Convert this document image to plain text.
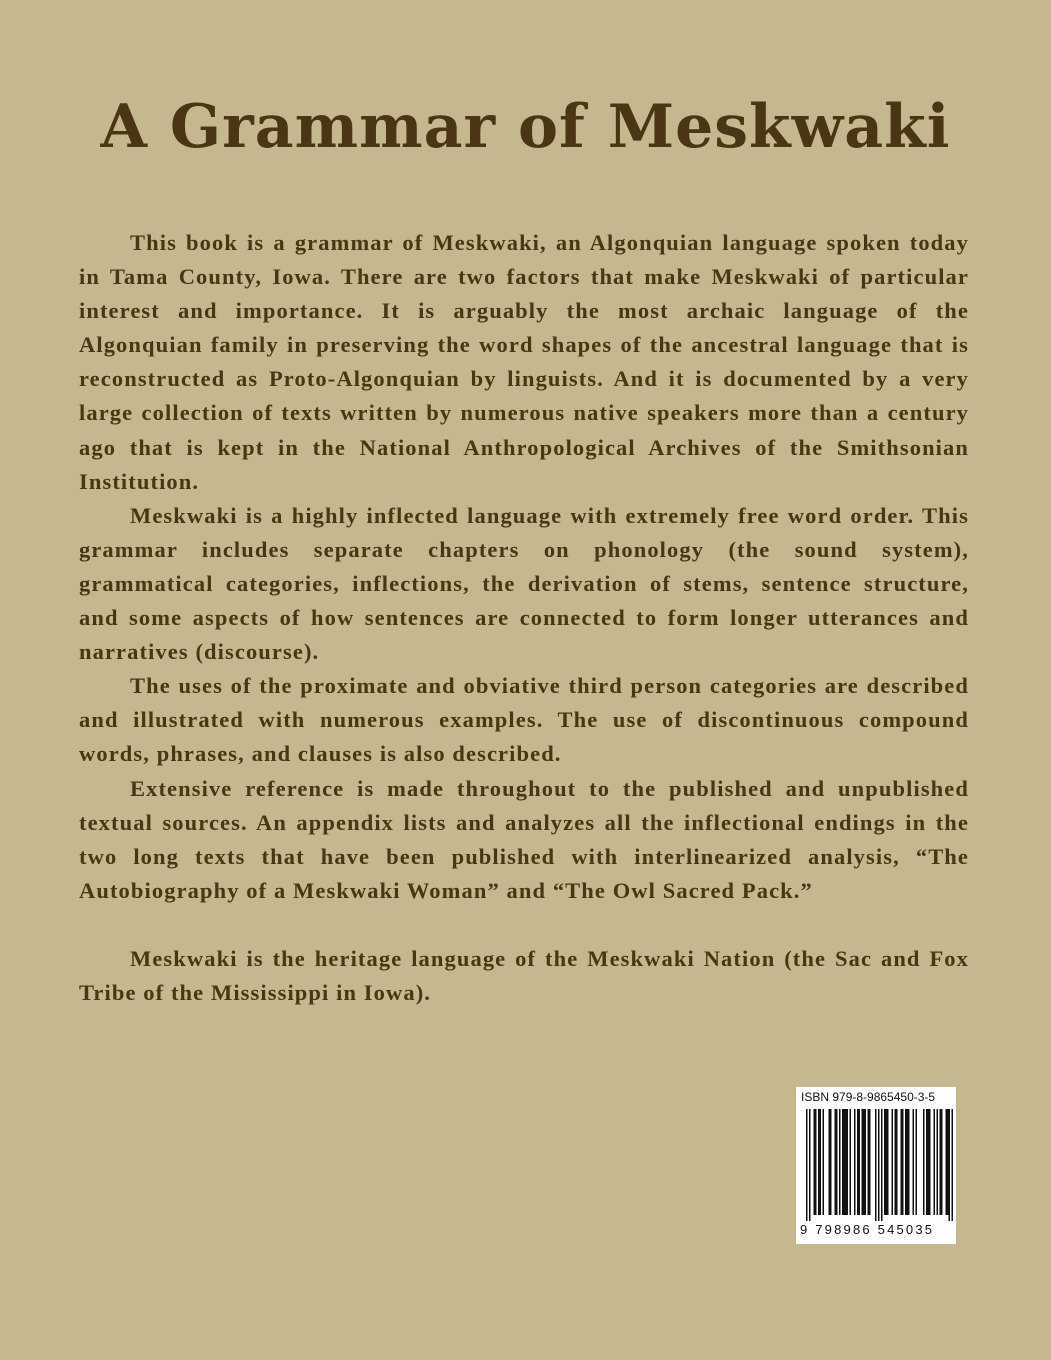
A Grammar of Meskwaki

This book is a grammar of Meskwaki, an Algonquian language spoken today in Tama County, Iowa. There are two factors that make Meskwaki of particular interest and importance. It is arguably the most archaic language of the Algonquian family in preserving the word shapes of the ancestral language that is reconstructed as Proto-Algonquian by linguists. And it is documented by a very large collection of texts written by numerous native speakers more than a century ago that is kept in the National Anthropological Archives of the Smithsonian Institution.

Meskwaki is a highly inflected language with extremely free word order. This grammar includes separate chapters on phonology (the sound system), grammatical categories, inflections, the derivation of stems, sentence structure, and some aspects of how sentences are connected to form longer utterances and narratives (discourse).

The uses of the proximate and obviative third person categories are described and illustrated with numerous examples. The use of discontinuous compound words, phrases, and clauses is also described.

Extensive reference is made throughout to the published and unpublished textual sources. An appendix lists and analyzes all the inflectional endings in the two long texts that have been published with interlinearized analysis, “The Autobiography of a Meskwaki Woman” and “The Owl Sacred Pack.”

Meskwaki is the heritage language of the Meskwaki Nation (the Sac and Fox Tribe of the Mississippi in Iowa).

ISBN 979-8-9865450-3-5
9 798986 545035
